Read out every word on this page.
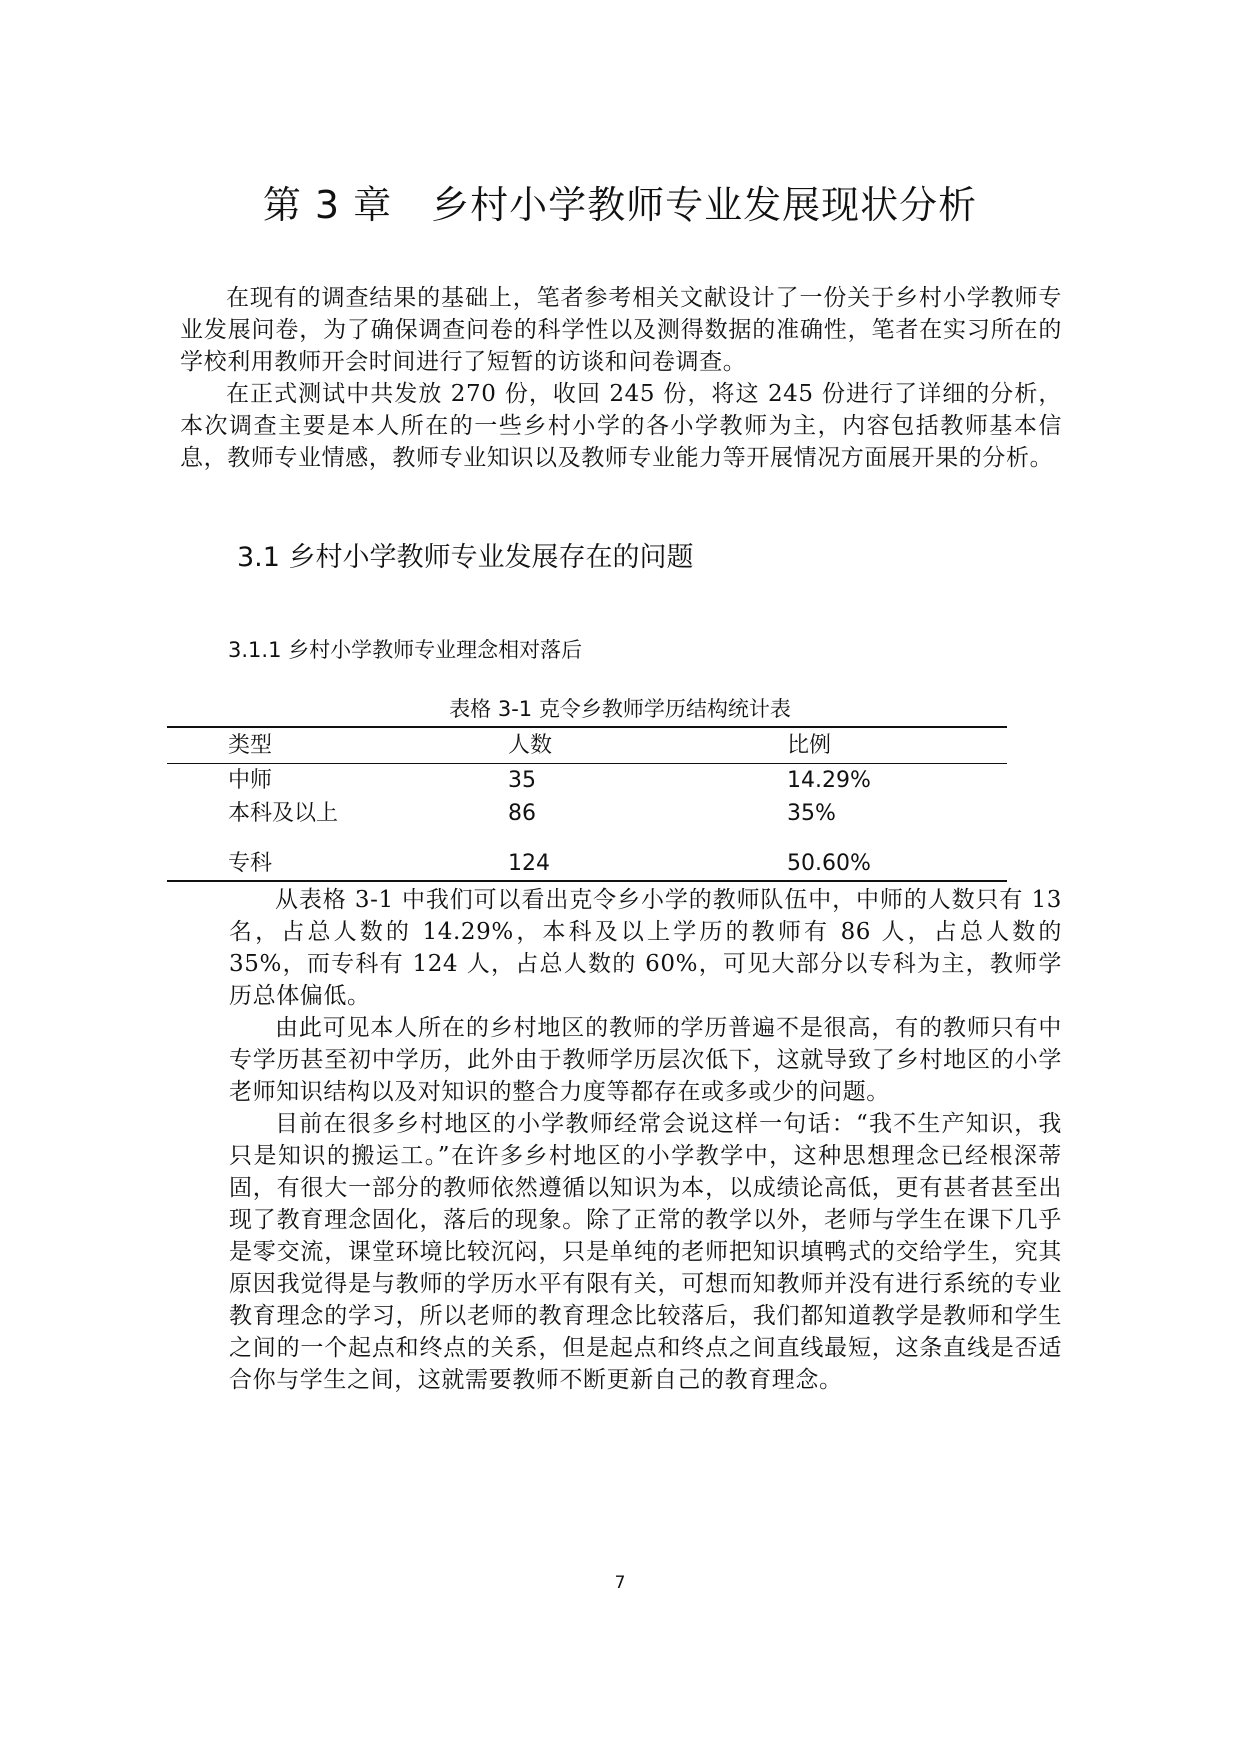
第 3 章　乡村小学教师专业发展现状分析

在现有的调查结果的基础上，笔者参考相关文献设计了一份关于乡村小学教师专业发展问卷，为了确保调查问卷的科学性以及测得数据的准确性，笔者在实习所在的学校利用教师开会时间进行了短暂的访谈和问卷调查。

在正式测试中共发放 270 份，收回 245 份，将这 245 份进行了详细的分析，本次调查主要是本人所在的一些乡村小学的各小学教师为主，内容包括教师基本信息，教师专业情感，教师专业知识以及教师专业能力等开展情况方面展开果的分析。

3.1 乡村小学教师专业发展存在的问题
3.1.1 乡村小学教师专业理念相对落后
表格 3-1 克令乡教师学历结构统计表
类型	人数	比例
中师	35	14.29%
本科及以上	86	35%
专科	124	50.60%

从表格 3-1 中我们可以看出克令乡小学的教师队伍中，中师的人数只有 13 名，占总人数的 14.29%，本科及以上学历的教师有 86 人，占总人数的 35%，而专科有 124 人，占总人数的 60%，可见大部分以专科为主，教师学历总体偏低。

由此可见本人所在的乡村地区的教师的学历普遍不是很高，有的教师只有中专学历甚至初中学历，此外由于教师学历层次低下，这就导致了乡村地区的小学老师知识结构以及对知识的整合力度等都存在或多或少的问题。

目前在很多乡村地区的小学教师经常会说这样一句话：“我不生产知识，我只是知识的搬运工。”在许多乡村地区的小学教学中，这种思想理念已经根深蒂固，有很大一部分的教师依然遵循以知识为本，以成绩论高低，更有甚者甚至出现了教育理念固化，落后的现象。除了正常的教学以外，老师与学生在课下几乎是零交流，课堂环境比较沉闷，只是单纯的老师把知识填鸭式的交给学生，究其原因我觉得是与教师的学历水平有限有关，可想而知教师并没有进行系统的专业教育理念的学习，所以老师的教育理念比较落后，我们都知道教学是教师和学生之间的一个起点和终点的关系，但是起点和终点之间直线最短，这条直线是否适合你与学生之间，这就需要教师不断更新自己的教育理念。

7
